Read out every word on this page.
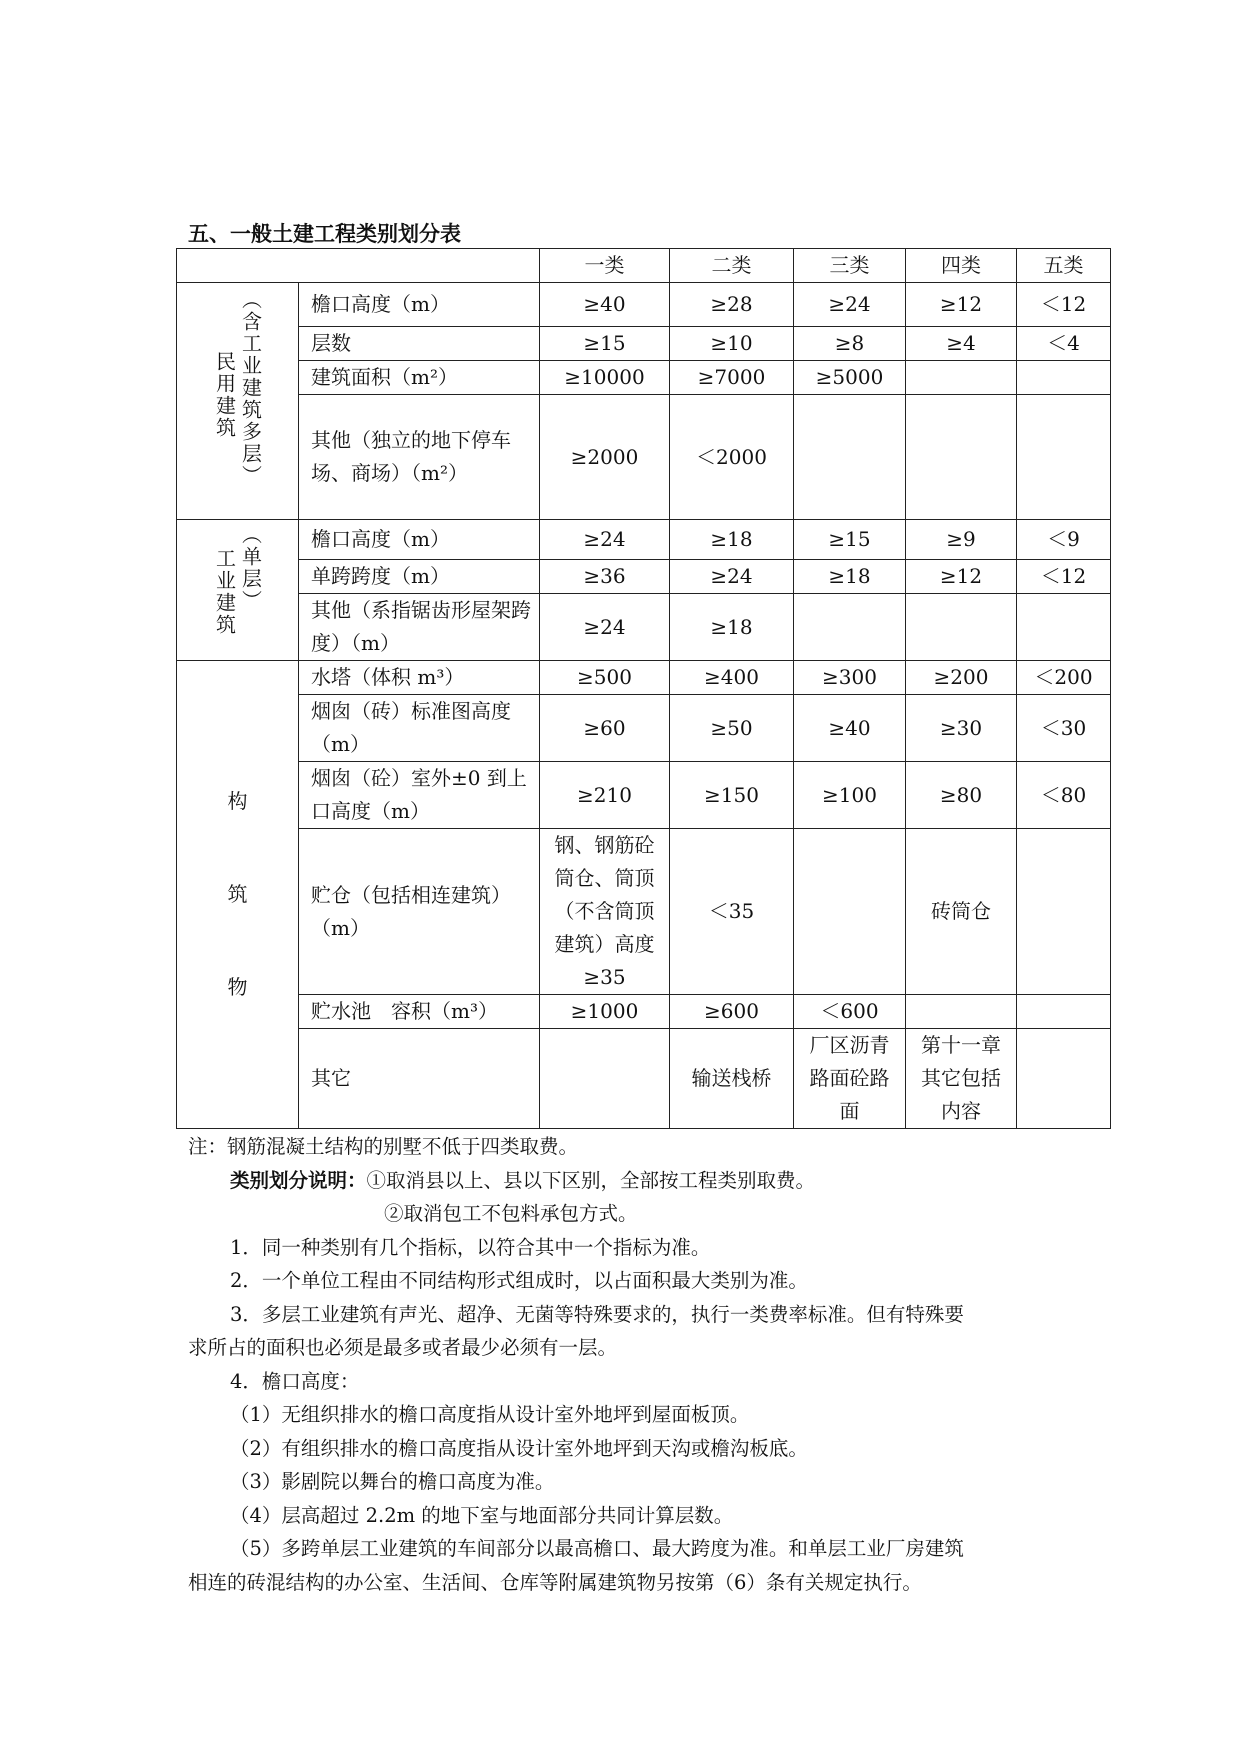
五、一般土建工程类别划分表
		一类	二类	三类	四类	五类

（含工业建筑多层）
民用建筑	檐口高度（m）	≥40	≥28	≥24	≥12	＜12
	层数	≥15	≥10	≥8	≥4	＜4
	建筑面积（m²）	≥10000	≥7000	≥5000		
	其他（独立的地下停车场、商场）（m²）	≥2000	＜2000			

（单层）
工业建筑	檐口高度（m）	≥24	≥18	≥15	≥9	＜9
	单跨跨度（m）	≥36	≥24	≥18	≥12	＜12
	其他（系指锯齿形屋架跨度）（m）	≥24	≥18			

构
筑
物	水塔（体积 m³）	≥500	≥400	≥300	≥200	＜200
	烟囱（砖）标准图高度（m）	≥60	≥50	≥40	≥30	＜30
	烟囱（砼）室外±0 到上口高度（m）	≥210	≥150	≥100	≥80	＜80
	贮仓（包括相连建筑）（m）	钢、钢筋砼筒仓、筒顶（不含筒顶建筑）高度≥35	＜35		砖筒仓	
	贮水池　容积（m³）	≥1000	≥600	＜600		
	其它		输送栈桥	厂区沥青路面砼路面	第十一章其它包括内容	

注：钢筋混凝土结构的别墅不低于四类取费。

类别划分说明：①取消县以上、县以下区别，全部按工程类别取费。

②取消包工不包料承包方式。

1．同一种类别有几个指标，以符合其中一个指标为准。

2．一个单位工程由不同结构形式组成时，以占面积最大类别为准。

3．多层工业建筑有声光、超净、无菌等特殊要求的，执行一类费率标准。但有特殊要

求所占的面积也必须是最多或者最少必须有一层。

4．檐口高度：

（1）无组织排水的檐口高度指从设计室外地坪到屋面板顶。

（2）有组织排水的檐口高度指从设计室外地坪到天沟或檐沟板底。

（3）影剧院以舞台的檐口高度为准。

（4）层高超过 2.2m 的地下室与地面部分共同计算层数。

（5）多跨单层工业建筑的车间部分以最高檐口、最大跨度为准。和单层工业厂房建筑

相连的砖混结构的办公室、生活间、仓库等附属建筑物另按第（6）条有关规定执行。
